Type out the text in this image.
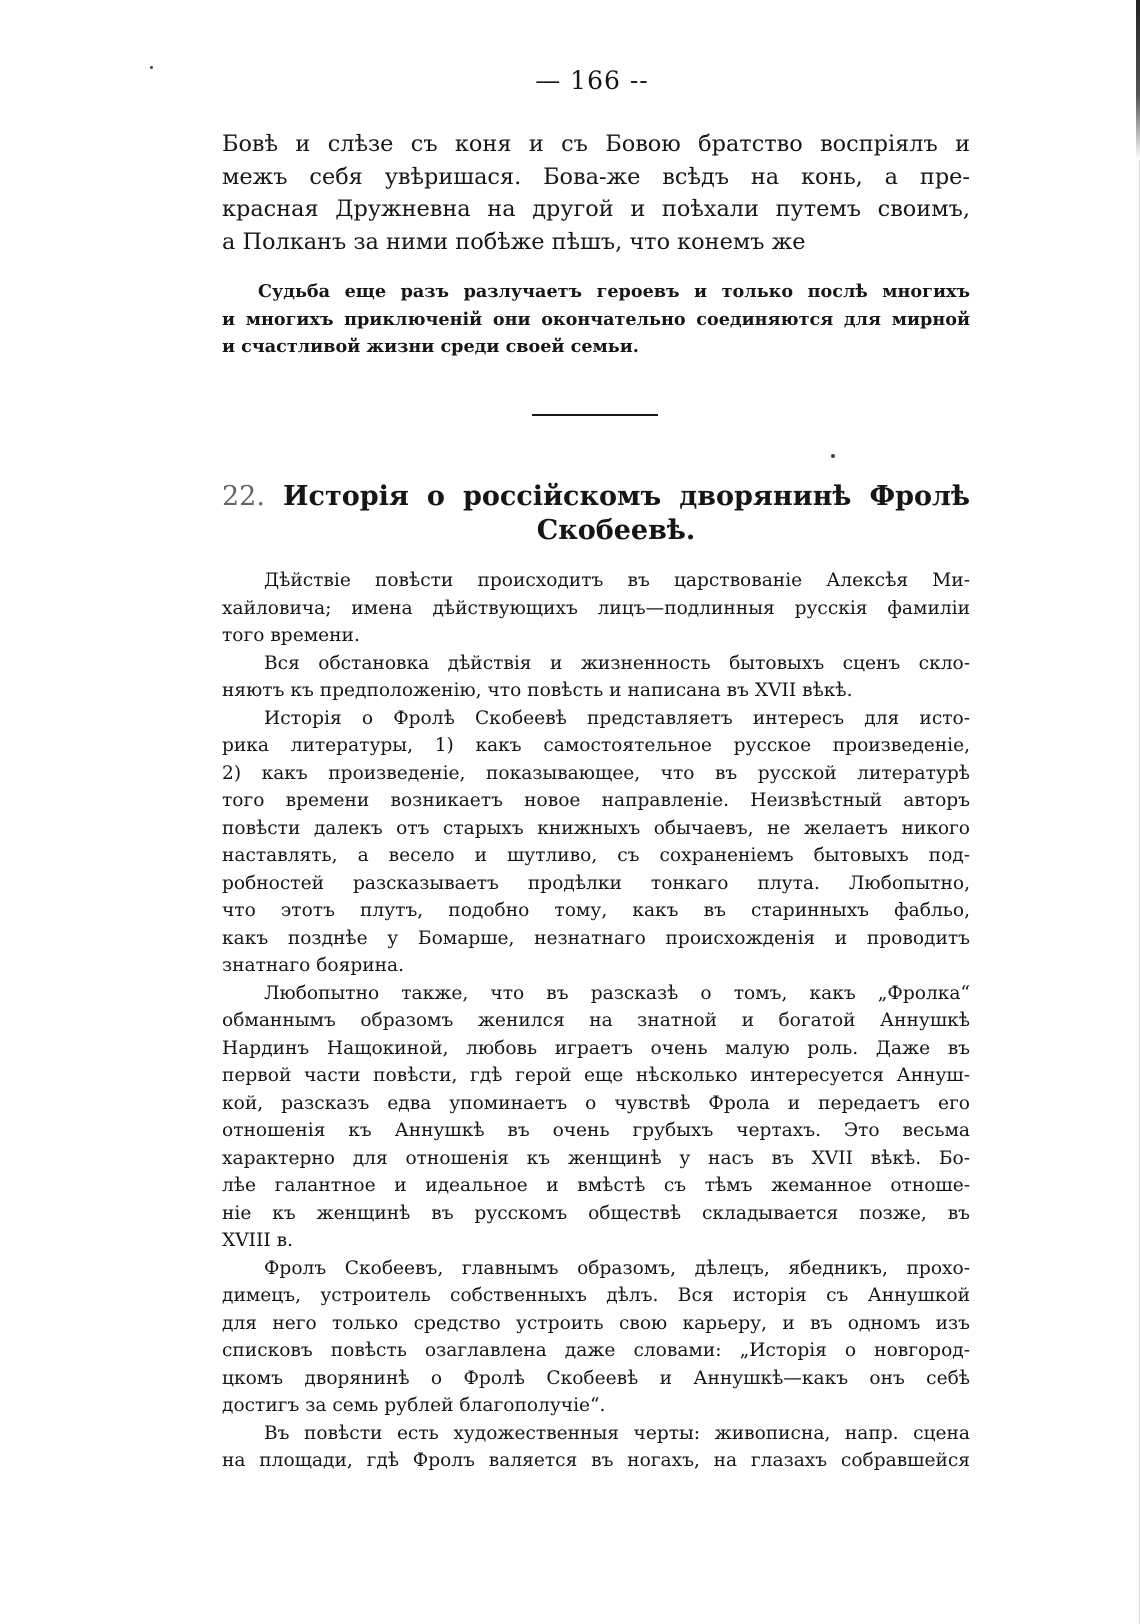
— 166 --
Бовѣ и слѣзе съ коня и съ Бовою братство воспріялъ и
межъ себя увѣришася. Бова-же всѣдъ на конь, а пре-
красная Дружневна на другой и поѣхали путемъ своимъ,
а Полканъ за ними побѣже пѣшъ, что конемъ же
Судьба еще разъ разлучаетъ героевъ и только послѣ многихъ
и многихъ приключеній они окончательно соединяются для мирной
и счастливой жизни среди своей семьи.
22. Исторія о россійскомъ дворянинѣ Фролѣ
Скобеевѣ.
Дѣйствіе повѣсти происходитъ въ царствованіе Алексѣя Ми-
хайловича; имена дѣйствующихъ лицъ—подлинныя русскія фамиліи
того времени.
Вся обстановка дѣйствія и жизненность бытовыхъ сценъ скло-
няютъ къ предположенію, что повѣсть и написана въ XVII вѣкѣ.
Исторія о Фролѣ Скобеевѣ представляетъ интересъ для исто-
рика литературы, 1) какъ самостоятельное русское произведеніе,
2) какъ произведеніе, показывающее, что въ русской литературѣ
того времени возникаетъ новое направленіе. Неизвѣстный авторъ
повѣсти далекъ отъ старыхъ книжныхъ обычаевъ, не желаетъ никого
наставлять, а весело и шутливо, съ сохраненіемъ бытовыхъ под-
робностей разсказываетъ продѣлки тонкаго плута. Любопытно,
что этотъ плутъ, подобно тому, какъ въ старинныхъ фабльо,
какъ позднѣе у Бомарше, незнатнаго происхожденія и проводитъ
знатнаго боярина.
Любопытно также, что въ разсказѣ о томъ, какъ „Фролка“
обманнымъ образомъ женился на знатной и богатой Аннушкѣ
Нардинъ Нащокиной, любовь играетъ очень малую роль. Даже въ
первой части повѣсти, гдѣ герой еще нѣсколько интересуется Аннуш-
кой, разсказъ едва упоминаетъ о чувствѣ Фрола и передаетъ его
отношенія къ Аннушкѣ въ очень грубыхъ чертахъ. Это весьма
характерно для отношенія къ женщинѣ у насъ въ XVII вѣкѣ. Бо-
лѣе галантное и идеальное и вмѣстѣ съ тѣмъ жеманное отноше-
ніе къ женщинѣ въ русскомъ обществѣ складывается позже, въ
XVIII в.
Фролъ Скобеевъ, главнымъ образомъ, дѣлецъ, ябедникъ, прохо-
димецъ, устроитель собственныхъ дѣлъ. Вся исторія съ Аннушкой
для него только средство устроить свою карьеру, и въ одномъ изъ
списковъ повѣсть озаглавлена даже словами: „Исторія о новгород-
цкомъ дворянинѣ о Фролѣ Скобеевѣ и Аннушкѣ—какъ онъ себѣ
достигъ за семь рублей благополучіе“.
Въ повѣсти есть художественныя черты: живописна, напр. сцена
на площади, гдѣ Фролъ валяется въ ногахъ, на глазахъ собравшейся
